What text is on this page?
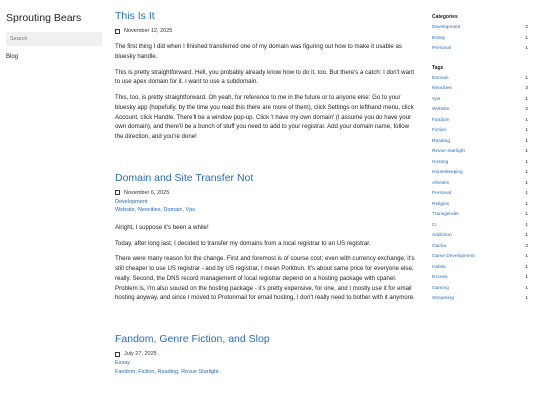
Sprouting Bears
Search
Blog
This Is It
November 12, 2025

The first thing I did when I finished transferred one of my domain was figuring out how to make it usable as bluesky handle.

This is pretty straightforward. Hell, you probably already know how to do it, too. But there's a catch: I don't want to use apex domain for it. I want to use a subdomain.

This, too, is pretty straightforward. Oh yeah, for reference to me in the future or to anyone else: Go to your bluesky app (hopefully, by the time you read this there are more of them), click Settings on lefthand menu, click Account, click Handle. There'll be a window pop-up. Click 'I have my own domain' (I assume you do have your own domain), and there'll be a bunch of stuff you need to add to your registrar. Add your domain name, follow the direction, and you're done!

Domain and Site Transfer Not
November 6, 2025
Development
Website, Neocities, Domain, Vps

Alright, I suppose it's been a while!

Today, after long last, I decided to transfer my domains from a local registrar to an US registrar.

There were many reason for the change. First and foremost is of course cost; even with currency exchange, it's still cheaper to use US registrar - and by US registrar, I mean Porkbun. It's about same price for everyone else, really. Second, the DNS record management of local registrar depend on a hosting package with cpanel. Problem is, I'm also soured on the hosting package - it's pretty expensive, for one, and I mostly use it for email hosting anyway, and since I moved to Protonmail for email hosting, I don't really need to bother with it anymore.

Fandom, Genre Fiction, and Slop
July 27, 2025
Essay
Fandom, Fiction, Reading, Revue Starlight
Categories
Development	2
Essay	1
Personal	1
Tags
Domain	1
Neocities	2
Vps	1
Website	2
Fandom	1
Fiction	1
Reading	1
Revue Starlight	1
Hosting	1
Housekeeping	1
Atheism	1
Personal	1
Religion	1
Transgender	1
Ci	1
Addiction	1
Gacha	2
Game Development	1
Habits	1
Excess	1
Gaming	1
Streaming	1
